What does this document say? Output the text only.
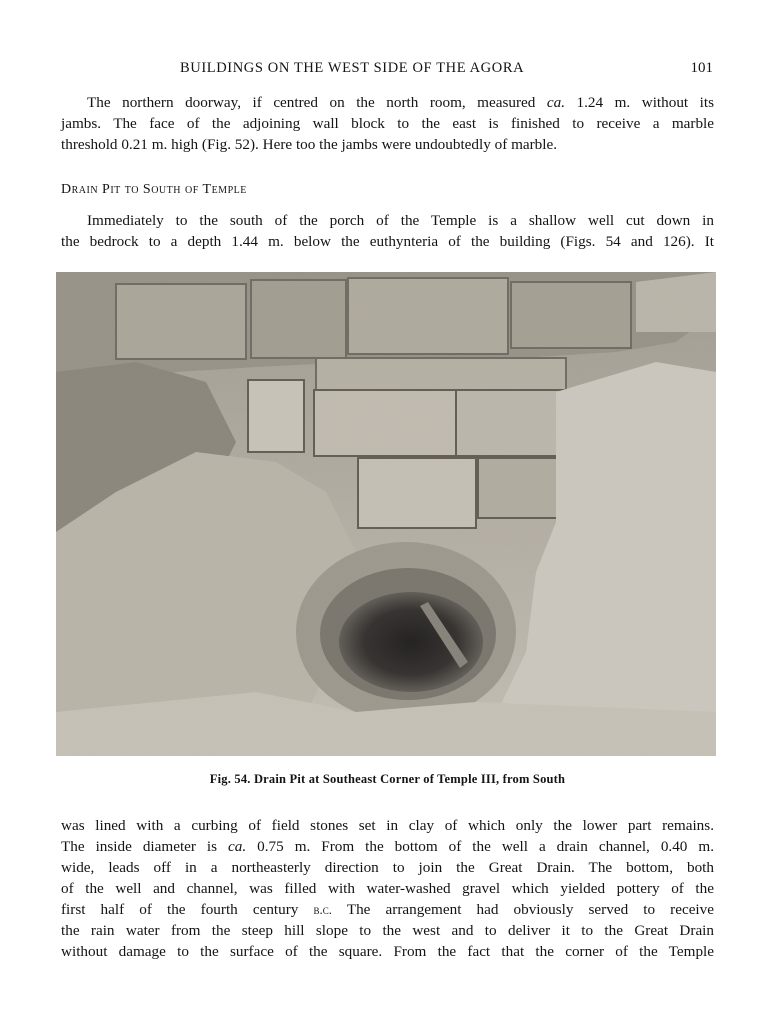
BUILDINGS ON THE WEST SIDE OF THE AGORA	101

The northern doorway, if centred on the north room, measured ca. 1.24 m. without its
jambs. The face of the adjoining wall block to the east is finished to receive a marble
threshold 0.21 m. high (Fig. 52). Here too the jambs were undoubtedly of marble.

Drain Pit to South of Temple

Immediately to the south of the porch of the Temple is a shallow well cut down in
the bedrock to a depth 1.44 m. below the euthynteria of the building (Figs. 54 and 126). It

Fig. 54. Drain Pit at Southeast Corner of Temple III, from South

was lined with a curbing of field stones set in clay of which only the lower part remains.
The inside diameter is ca. 0.75 m. From the bottom of the well a drain channel, 0.40 m.
wide, leads off in a northeasterly direction to join the Great Drain. The bottom, both
of the well and channel, was filled with water-washed gravel which yielded pottery of the
first half of the fourth century b.c. The arrangement had obviously served to receive
the rain water from the steep hill slope to the west and to deliver it to the Great Drain
without damage to the surface of the square. From the fact that the corner of the Temple
